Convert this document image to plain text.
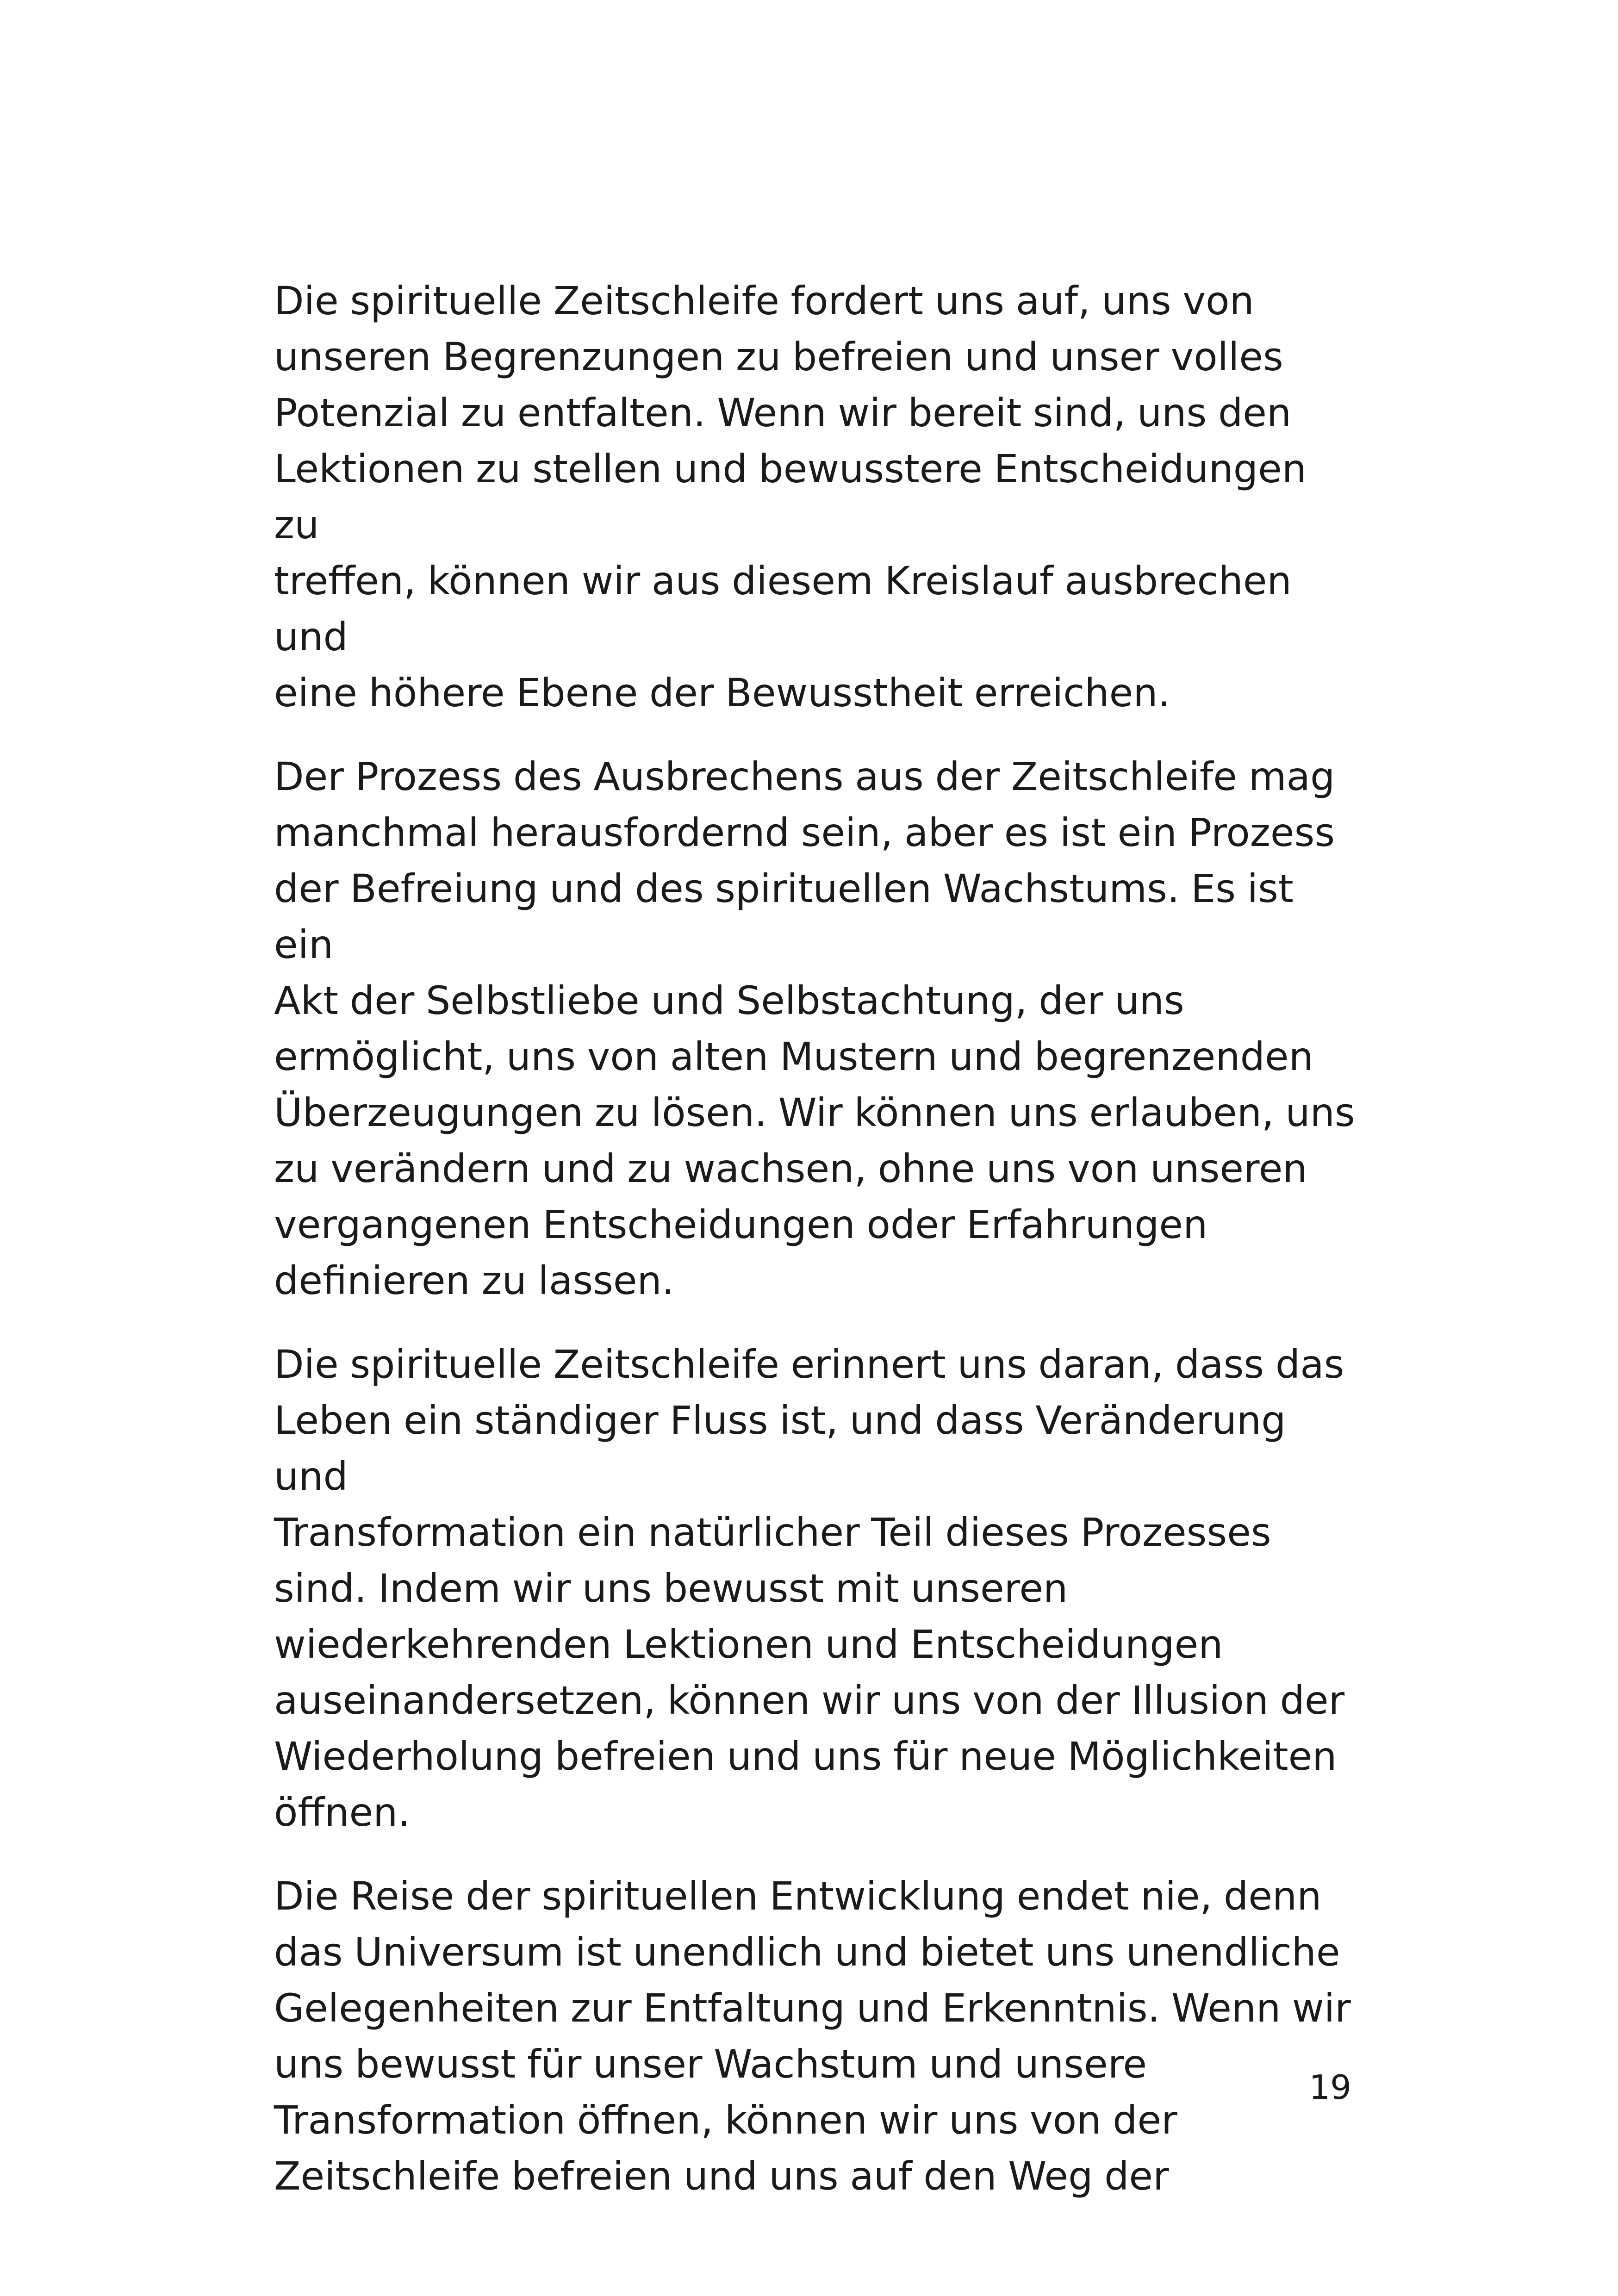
Die spirituelle Zeitschleife fordert uns auf, uns von
unseren Begrenzungen zu befreien und unser volles
Potenzial zu entfalten. Wenn wir bereit sind, uns den
Lektionen zu stellen und bewusstere Entscheidungen zu
treffen, können wir aus diesem Kreislauf ausbrechen und
eine höhere Ebene der Bewusstheit erreichen.

Der Prozess des Ausbrechens aus der Zeitschleife mag
manchmal herausfordernd sein, aber es ist ein Prozess
der Befreiung und des spirituellen Wachstums. Es ist ein
Akt der Selbstliebe und Selbstachtung, der uns
ermöglicht, uns von alten Mustern und begrenzenden
Überzeugungen zu lösen. Wir können uns erlauben, uns
zu verändern und zu wachsen, ohne uns von unseren
vergangenen Entscheidungen oder Erfahrungen
definieren zu lassen.

Die spirituelle Zeitschleife erinnert uns daran, dass das
Leben ein ständiger Fluss ist, und dass Veränderung und
Transformation ein natürlicher Teil dieses Prozesses
sind. Indem wir uns bewusst mit unseren
wiederkehrenden Lektionen und Entscheidungen
auseinandersetzen, können wir uns von der Illusion der
Wiederholung befreien und uns für neue Möglichkeiten
öffnen.

Die Reise der spirituellen Entwicklung endet nie, denn
das Universum ist unendlich und bietet uns unendliche
Gelegenheiten zur Entfaltung und Erkenntnis. Wenn wir
uns bewusst für unser Wachstum und unsere
Transformation öffnen, können wir uns von der
Zeitschleife befreien und uns auf den Weg der

19
